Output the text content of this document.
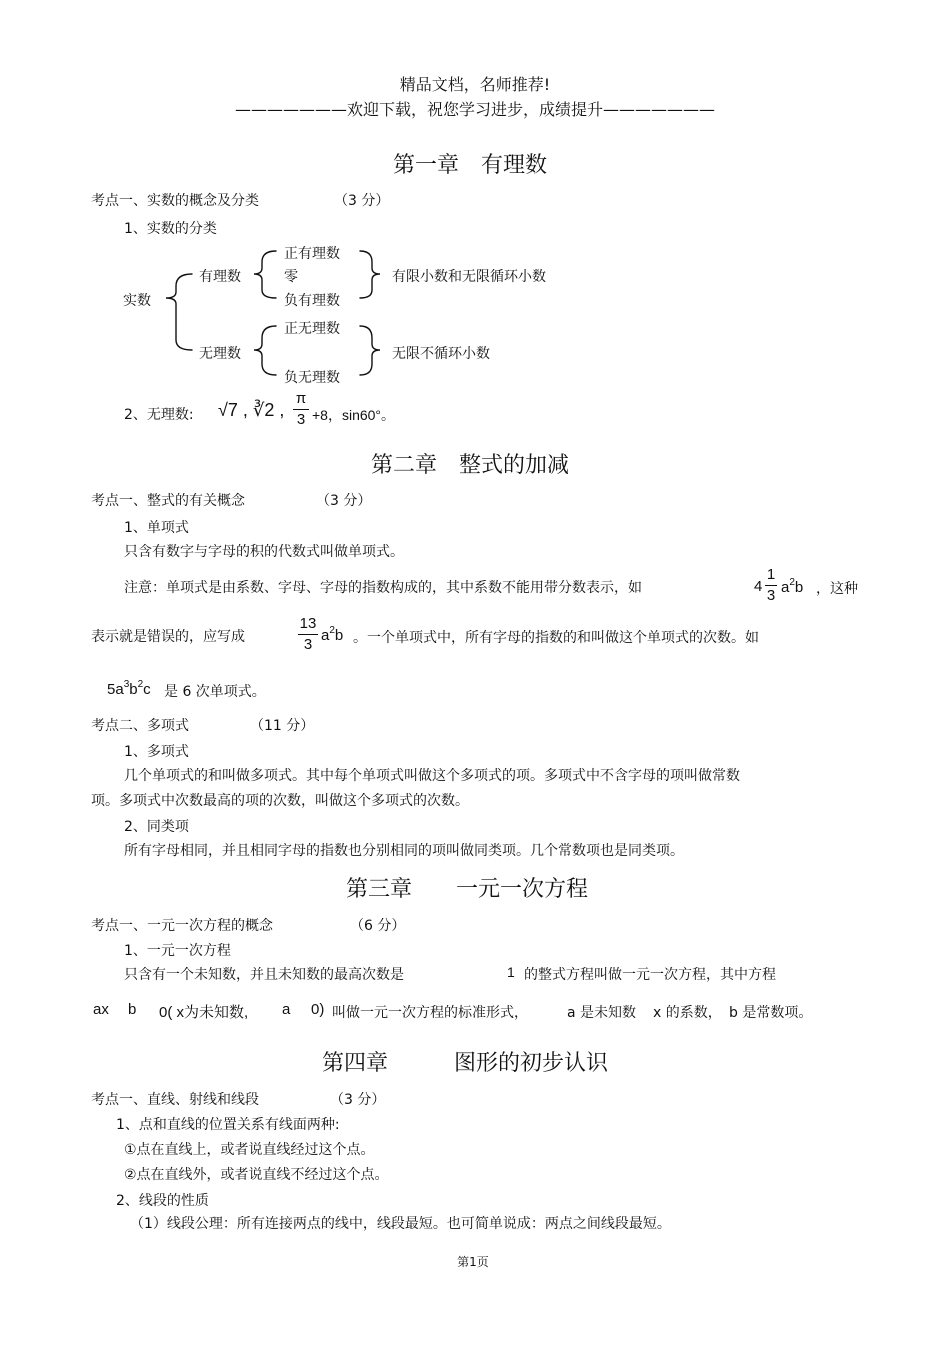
精品文档，名师推荐!
———————欢迎下载，祝您学习进步，成绩提升———————
第一章　有理数
考点一、实数的概念及分类	（3 分）
1、实数的分类
实数
有理数
正有理数
零
负有理数
有限小数和无限循环小数
无理数
正无理数
负无理数
无限不循环小数
2、无理数: √7 , ∛2 ,
π
3 +8，sin60°。
第二章　整式的加减
考点一、整式的有关概念	（3 分）
1、单项式
只含有数字与字母的积的代数式叫做单项式。
注意：单项式是由系数、字母、字母的指数构成的，其中系数不能用带分数表示，如	4
1
3 $a^2b$ ，这种
表示就是错误的，应写成
13
3
$a^2b$ 。一个单项式中，所有字母的指数的和叫做这个单项式的次数。如
$5a^3b^2c$ 是 6 次单项式。
考点二、多项式	（11 分）
1、多项式
几个单项式的和叫做多项式。其中每个单项式叫做这个多项式的项。多项式中不含字母的项叫做常数
项。多项式中次数最高的项的次数，叫做这个多项式的次数。
2、同类项
所有字母相同，并且相同字母的指数也分别相同的项叫做同类项。几个常数项也是同类项。
第三章　　一元一次方程
考点一、一元一次方程的概念	（6 分）
1、一元一次方程
只含有一个未知数，并且未知数的最高次数是	1 的整式方程叫做一元一次方程，其中方程
ax b 0( x为未知数, a 0) 叫做一元一次方程的标准形式，	a 是未知数 x 的系数， b 是常数项。
第四章　　　图形的初步认识
考点一、直线、射线和线段	（3 分）
1、点和直线的位置关系有线面两种:
①点在直线上，或者说直线经过这个点。
②点在直线外，或者说直线不经过这个点。
2、线段的性质
（1）线段公理：所有连接两点的线中，线段最短。也可简单说成：两点之间线段最短。
第1页
